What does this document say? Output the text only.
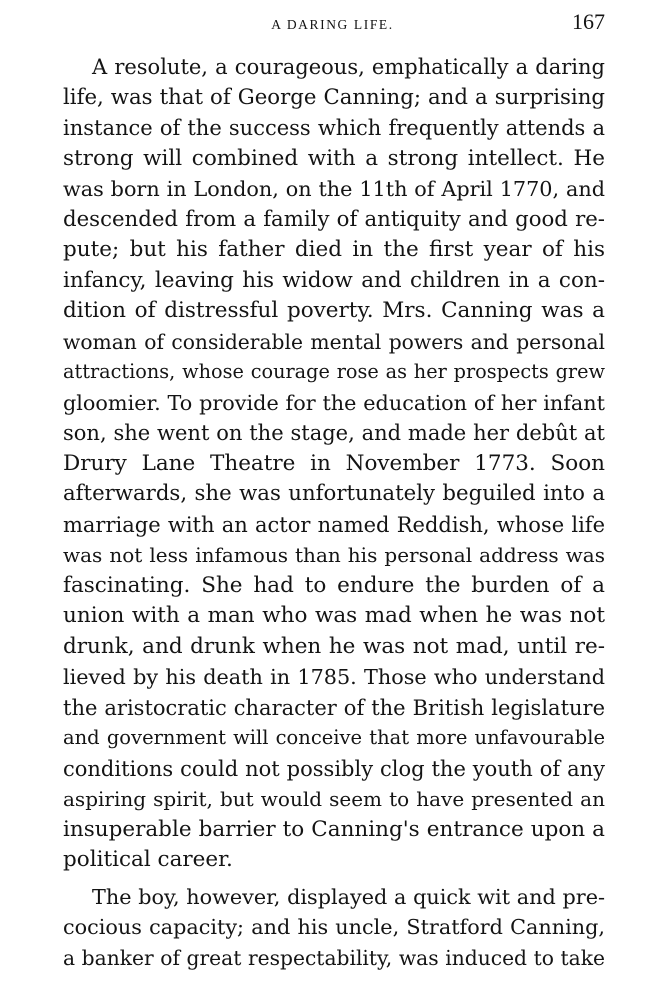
A DARING LIFE.	167
A resolute, a courageous, emphatically a daring
life, was that of George Canning; and a surprising
instance of the success which frequently attends a
strong will combined with a strong intellect. He
was born in London, on the 11th of April 1770, and
descended from a family of antiquity and good re-
pute; but his father died in the first year of his
infancy, leaving his widow and children in a con-
dition of distressful poverty. Mrs. Canning was a
woman of considerable mental powers and personal
attractions, whose courage rose as her prospects grew
gloomier. To provide for the education of her infant
son, she went on the stage, and made her debût at
Drury Lane Theatre in November 1773. Soon
afterwards, she was unfortunately beguiled into a
marriage with an actor named Reddish, whose life
was not less infamous than his personal address was
fascinating. She had to endure the burden of a
union with a man who was mad when he was not
drunk, and drunk when he was not mad, until re-
lieved by his death in 1785. Those who understand
the aristocratic character of the British legislature
and government will conceive that more unfavourable
conditions could not possibly clog the youth of any
aspiring spirit, but would seem to have presented an
insuperable barrier to Canning's entrance upon a
political career.
The boy, however, displayed a quick wit and pre-
cocious capacity; and his uncle, Stratford Canning,
a banker of great respectability, was induced to take
